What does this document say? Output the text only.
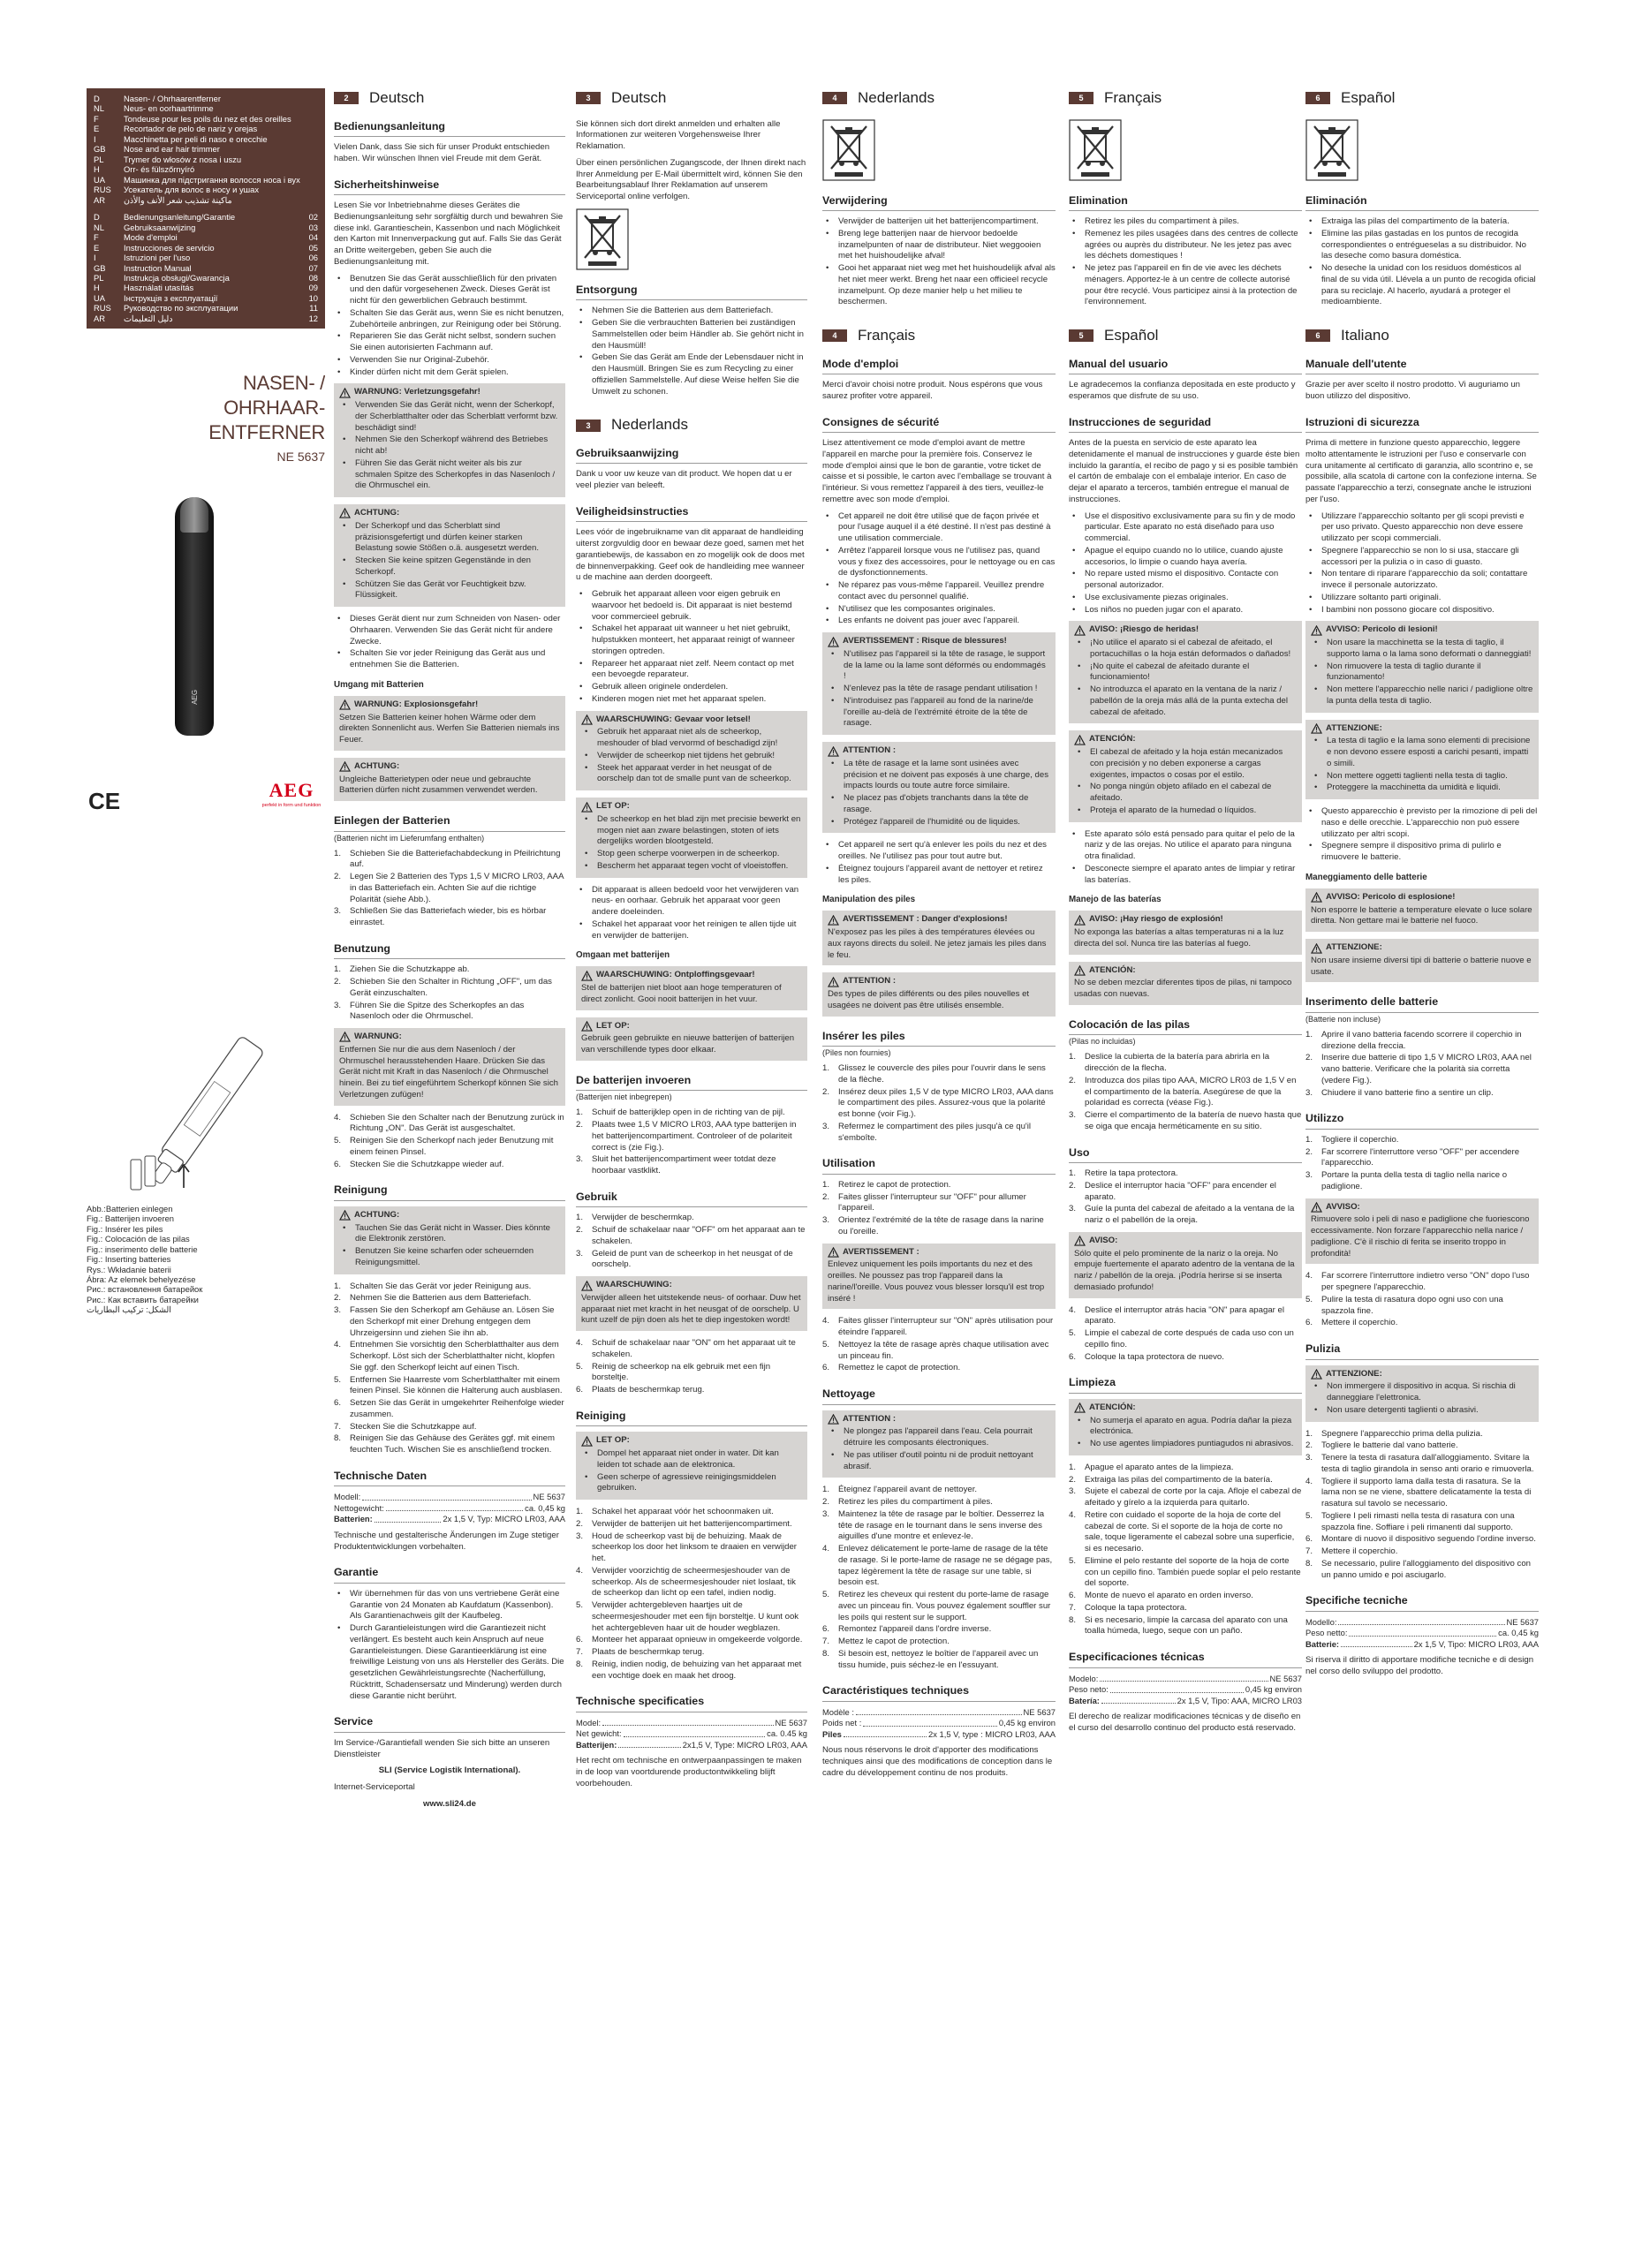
D	Nasen- / Ohrhaarentferner
NL	Neus- en oorhaartrimme
F	Tondeuse pour les poils du nez et des oreilles
E	Recortador de pelo de nariz y orejas
I	Macchinetta per peli di naso e orecchie
GB	Nose and ear hair trimmer
PL	Trymer do włosów z nosa i uszu
H	Orr- és fülszőrnyíró
UA	Машинка для підстригання волосся носа і вух
RUS	Усекатель для волос в носу и ушах
AR	ماكينة تشذيب شعر الأنف والأذن
D	Bedienungsanleitung/Garantie	02
NL	Gebruiksaanwijzing	03
F	Mode d'emploi	04
E	Instrucciones de servicio	05
I	Istruzioni per l'uso	06
GB	Instruction Manual	07
PL	Instrukcja obsługi/Gwarancja	08
H	Használati utasítás	09
UA	Інструкція з експлуатації	10
RUS	Руководство по эксплуатации	11
AR	دليل التعليمات	12
NASEN- /
OHRHAAR-
ENTFERNER
NE 5637
AEG
Abb.:Batterien einlegen
Fig.: Batterijen invoeren
Fig.: Insérer les piles
Fig.: Colocación de las pilas
Fig.: inserimento delle batterie
Fig.: Inserting batteries
Rys.: Wkładanie baterii
Ábra: Az elemek behelyezése
Рис.: встановлення батарейок
Рис.: Как вставить батарейки
الشكل: تركيب البطاريات
CE	AEG
perfekt in form und funktion
2	Deutsch
Bedienungsanleitung

Vielen Dank, dass Sie sich für unser Produkt entschieden haben. Wir wünschen Ihnen viel Freude mit dem Gerät.

Sicherheitshinweise

Lesen Sie vor Inbetriebnahme dieses Gerätes die Bedienungsanleitung sehr sorgfältig durch und bewahren Sie diese inkl. Garantieschein, Kassenbon und nach Möglichkeit den Karton mit Innenverpackung gut auf. Falls Sie das Gerät an Dritte weitergeben, geben Sie auch die Bedienungsanleitung mit.

• Benutzen Sie das Gerät ausschließlich für den privaten und den dafür vorgesehenen Zweck. Dieses Gerät ist nicht für den gewerblichen Gebrauch bestimmt.
• Schalten Sie das Gerät aus, wenn Sie es nicht benutzen, Zubehörteile anbringen, zur Reinigung oder bei Störung.
• Reparieren Sie das Gerät nicht selbst, sondern suchen Sie einen autorisierten Fachmann auf.
• Verwenden Sie nur Original-Zubehör.
• Kinder dürfen nicht mit dem Gerät spielen.
WARNUNG: Verletzungsgefahr!
• Verwenden Sie das Gerät nicht, wenn der Scherkopf, der Scherblatthalter oder das Scherblatt verformt bzw. beschädigt sind!
• Nehmen Sie den Scherkopf während des Betriebes nicht ab!
• Führen Sie das Gerät nicht weiter als bis zur schmalen Spitze des Scherkopfes in das Nasenloch / die Ohrmuschel ein.
ACHTUNG:
• Der Scherkopf und das Scherblatt sind präzisionsgefertigt und dürfen keiner starken Belastung sowie Stößen o.ä. ausgesetzt werden.
• Stecken Sie keine spitzen Gegenstände in den Scherkopf.
• Schützen Sie das Gerät vor Feuchtigkeit bzw. Flüssigkeit.
• Dieses Gerät dient nur zum Schneiden von Nasen- oder Ohrhaaren. Verwenden Sie das Gerät nicht für andere Zwecke.
• Schalten Sie vor jeder Reinigung das Gerät aus und entnehmen Sie die Batterien.
Umgang mit Batterien
WARNUNG: Explosionsgefahr!

Setzen Sie Batterien keiner hohen Wärme oder dem direkten Sonnenlicht aus. Werfen Sie Batterien niemals ins Feuer.

ACHTUNG:

Ungleiche Batterietypen oder neue und gebrauchte Batterien dürfen nicht zusammen verwendet werden.

Einlegen der Batterien
(Batterien nicht im Lieferumfang enthalten)
Schieben Sie die Batteriefachabdeckung in Pfeilrichtung auf.
Legen Sie 2 Batterien des Typs 1,5 V MICRO LR03, AAA in das Batteriefach ein. Achten Sie auf die richtige Polarität (siehe Abb.).
Schließen Sie das Batteriefach wieder, bis es hörbar einrastet.
Benutzung
Ziehen Sie die Schutzkappe ab.
Schieben Sie den Schalter in Richtung „OFF", um das Gerät einzuschalten.
Führen Sie die Spitze des Scherkopfes an das Nasenloch oder die Ohrmuschel.
WARNUNG:

Entfernen Sie nur die aus dem Nasenloch / der Ohrmuschel herausstehenden Haare. Drücken Sie das Gerät nicht mit Kraft in das Nasenloch / die Ohrmuschel hinein. Bei zu tief eingeführtem Scherkopf können Sie sich Verletzungen zufügen!

Schieben Sie den Schalter nach der Benutzung zurück in Richtung „ON". Das Gerät ist ausgeschaltet.
Reinigen Sie den Scherkopf nach jeder Benutzung mit einem feinen Pinsel.
Stecken Sie die Schutzkappe wieder auf.
Reinigung
ACHTUNG:
• Tauchen Sie das Gerät nicht in Wasser. Dies könnte die Elektronik zerstören.
• Benutzen Sie keine scharfen oder scheuernden Reinigungsmittel.
Schalten Sie das Gerät vor jeder Reinigung aus.
Nehmen Sie die Batterien aus dem Batteriefach.
Fassen Sie den Scherkopf am Gehäuse an. Lösen Sie den Scherkopf mit einer Drehung entgegen dem Uhrzeigersinn und ziehen Sie ihn ab.
Entnehmen Sie vorsichtig den Scherblatthalter aus dem Scherkopf. Löst sich der Scherblatthalter nicht, klopfen Sie ggf. den Scherkopf leicht auf einen Tisch.
Entfernen Sie Haarreste vom Scherblatthalter mit einem feinen Pinsel. Sie können die Halterung auch ausblasen.
Setzen Sie das Gerät in umgekehrter Reihenfolge wieder zusammen.
Stecken Sie die Schutzkappe auf.
Reinigen Sie das Gehäuse des Gerätes ggf. mit einem feuchten Tuch. Wischen Sie es anschließend trocken.
Technische Daten
Modell:	NE 5637
Nettogewicht:	ca. 0,45 kg
Batterien:	2x 1,5 V, Typ: MICRO LR03, AAA

Technische und gestalterische Änderungen im Zuge stetiger Produktentwicklungen vorbehalten.

Garantie
• Wir übernehmen für das von uns vertriebene Gerät eine Garantie von 24 Monaten ab Kaufdatum (Kassenbon). Als Garantienachweis gilt der Kaufbeleg.
• Durch Garantieleistungen wird die Garantiezeit nicht verlängert. Es besteht auch kein Anspruch auf neue Garantieleistungen. Diese Garantieerklärung ist eine freiwillige Leistung von uns als Hersteller des Geräts. Die gesetzlichen Gewährleistungsrechte (Nacherfüllung, Rücktritt, Schadensersatz und Minderung) werden durch diese Garantie nicht berührt.
Service

Im Service-/Garantiefall wenden Sie sich bitte an unseren Dienstleister

SLI (Service Logistik International).

Internet-Serviceportal

www.sli24.de
3	Deutsch

Sie können sich dort direkt anmelden und erhalten alle Informationen zur weiteren Vorgehensweise Ihrer Reklamation.

Über einen persönlichen Zugangscode, der Ihnen direkt nach Ihrer Anmeldung per E-Mail übermittelt wird, können Sie den Bearbeitungsablauf Ihrer Reklamation auf unserem Serviceportal online verfolgen.

Entsorgung
• Nehmen Sie die Batterien aus dem Batteriefach.
• Geben Sie die verbrauchten Batterien bei zuständigen Sammelstellen oder beim Händler ab. Sie gehört nicht in den Hausmüll!
• Geben Sie das Gerät am Ende der Lebensdauer nicht in den Hausmüll. Bringen Sie es zum Recycling zu einer offiziellen Sammelstelle. Auf diese Weise helfen Sie die Umwelt zu schonen.
3	Nederlands
Gebruiksaanwijzing

Dank u voor uw keuze van dit product. We hopen dat u er veel plezier van beleeft.

Veiligheidsinstructies

Lees vóór de ingebruikname van dit apparaat de handleiding uiterst zorgvuldig door en bewaar deze goed, samen met het garantiebewijs, de kassabon en zo mogelijk ook de doos met de binnenverpakking. Geef ook de handleiding mee wanneer u de machine aan derden doorgeeft.

• Gebruik het apparaat alleen voor eigen gebruik en waarvoor het bedoeld is. Dit apparaat is niet bestemd voor commercieel gebruik.
• Schakel het apparaat uit wanneer u het niet gebruikt, hulpstukken monteert, het apparaat reinigt of wanneer storingen optreden.
• Repareer het apparaat niet zelf. Neem contact op met een bevoegde reparateur.
• Gebruik alleen originele onderdelen.
• Kinderen mogen niet met het apparaat spelen.
WAARSCHUWING: Gevaar voor letsel!
• Gebruik het apparaat niet als de scheerkop, meshouder of blad vervormd of beschadigd zijn!
• Verwijder de scheerkop niet tijdens het gebruik!
• Steek het apparaat verder in het neusgat of de oorschelp dan tot de smalle punt van de scheerkop.
LET OP:
• De scheerkop en het blad zijn met precisie bewerkt en mogen niet aan zware belastingen, stoten of iets dergelijks worden blootgesteld.
• Stop geen scherpe voorwerpen in de scheerkop.
• Bescherm het apparaat tegen vocht of vloeistoffen.
• Dit apparaat is alleen bedoeld voor het verwijderen van neus- en oorhaar. Gebruik het apparaat voor geen andere doeleinden.
• Schakel het apparaat voor het reinigen te allen tijde uit en verwijder de batterijen.
Omgaan met batterijen
WAARSCHUWING: Ontploffingsgevaar!

Stel de batterijen niet bloot aan hoge temperaturen of direct zonlicht. Gooi nooit batterijen in het vuur.

LET OP:

Gebruik geen gebruikte en nieuwe batterijen of batterijen van verschillende types door elkaar.

De batterijen invoeren
(Batterijen niet inbegrepen)
Schuif de batterijklep open in de richting van de pijl.
Plaats twee 1,5 V MICRO LR03, AAA type batterijen in het batterijencompartiment. Controleer of de polariteit correct is (zie Fig.).
Sluit het batterijencompartiment weer totdat deze hoorbaar vastklikt.
Gebruik
Verwijder de beschermkap.
Schuif de schakelaar naar "OFF" om het apparaat aan te schakelen.
Geleid de punt van de scheerkop in het neusgat of de oorschelp.
WAARSCHUWING:

Verwijder alleen het uitstekende neus- of oorhaar. Duw het apparaat niet met kracht in het neusgat of de oorschelp. U kunt uzelf de pijn doen als het te diep ingestoken wordt!

Schuif de schakelaar naar "ON" om het apparaat uit te schakelen.
Reinig de scheerkop na elk gebruik met een fijn borsteltje.
Plaats de beschermkap terug.
Reiniging
LET OP:
• Dompel het apparaat niet onder in water. Dit kan leiden tot schade aan de elektronica.
• Geen scherpe of agressieve reinigingsmiddelen gebruiken.
Schakel het apparaat vóór het schoonmaken uit.
Verwijder de batterijen uit het batterijencompartiment.
Houd de scheerkop vast bij de behuizing. Maak de scheerkop los door het linksom te draaien en verwijder het.
Verwijder voorzichtig de scheermesjeshouder van de scheerkop. Als de scheermesjeshouder niet loslaat, tik de scheerkop dan licht op een tafel, indien nodig.
Verwijder achtergebleven haartjes uit de scheermesjeshouder met een fijn borsteltje. U kunt ook het achtergebleven haar uit de houder wegblazen.
Monteer het apparaat opnieuw in omgekeerde volgorde.
Plaats de beschermkap terug.
Reinig, indien nodig, de behuizing van het apparaat met een vochtige doek en maak het droog.
Technische specificaties
Model:	NE 5637
Net gewicht:	ca. 0.45 kg
Batterijen:	2x1,5 V, Type: MICRO LR03, AAA

Het recht om technische en ontwerpaanpassingen te maken in de loop van voortdurende productontwikkeling blijft voorbehouden.

4	Nederlands
Verwijdering
• Verwijder de batterijen uit het batterijencompartiment.
• Breng lege batterijen naar de hiervoor bedoelde inzamelpunten of naar de distributeur. Niet weggooien met het huishoudelijke afval!
• Gooi het apparaat niet weg met het huishoudelijk afval als het niet meer werkt. Breng het naar een officieel recycle inzamelpunt. Op deze manier help u het milieu te beschermen.
4	Français
Mode d'emploi

Merci d'avoir choisi notre produit. Nous espérons que vous saurez profiter votre appareil.

Consignes de sécurité

Lisez attentivement ce mode d'emploi avant de mettre l'appareil en marche pour la première fois. Conservez le mode d'emploi ainsi que le bon de garantie, votre ticket de caisse et si possible, le carton avec l'emballage se trouvant à l'intérieur. Si vous remettez l'appareil à des tiers, veuillez-le remettre avec son mode d'emploi.

• Cet appareil ne doit être utilisé que de façon privée et pour l'usage auquel il a été destiné. Il n'est pas destiné à une utilisation commerciale.
• Arrêtez l'appareil lorsque vous ne l'utilisez pas, quand vous y fixez des accessoires, pour le nettoyage ou en cas de dysfonctionnements.
• Ne réparez pas vous-même l'appareil. Veuillez prendre contact avec du personnel qualifié.
• N'utilisez que les composantes originales.
• Les enfants ne doivent pas jouer avec l'appareil.
AVERTISSEMENT : Risque de blessures!
• N'utilisez pas l'appareil si la tête de rasage, le support de la lame ou la lame sont déformés ou endommagés !
• N'enlevez pas la tête de rasage pendant utilisation !
• N'introduisez pas l'appareil au fond de la narine/de l'oreille au-delà de l'extrémité étroite de la tête de rasage.
ATTENTION :
• La tête de rasage et la lame sont usinées avec précision et ne doivent pas exposés à une charge, des impacts lourds ou toute autre force similaire.
• Ne placez pas d'objets tranchants dans la tête de rasage.
• Protégez l'appareil de l'humidité ou de liquides.
• Cet appareil ne sert qu'à enlever les poils du nez et des oreilles. Ne l'utilisez pas pour tout autre but.
• Éteignez toujours l'appareil avant de nettoyer et retirez les piles.
Manipulation des piles
AVERTISSEMENT : Danger d'explosions!

N'exposez pas les piles à des températures élevées ou aux rayons directs du soleil. Ne jetez jamais les piles dans le feu.

ATTENTION :

Des types de piles différents ou des piles nouvelles et usagées ne doivent pas être utilisés ensemble.

Insérer les piles
(Piles non fournies)
Glissez le couvercle des piles pour l'ouvrir dans le sens de la flèche.
Insérez deux piles 1,5 V de type MICRO LR03, AAA dans le compartiment des piles. Assurez-vous que la polarité est bonne (voir Fig.).
Refermez le compartiment des piles jusqu'à ce qu'il s'emboîte.
Utilisation
Retirez le capot de protection.
Faites glisser l'interrupteur sur "OFF" pour allumer l'appareil.
Orientez l'extrémité de la tête de rasage dans la narine ou l'oreille.
AVERTISSEMENT :

Enlevez uniquement les poils importants du nez et des oreilles. Ne poussez pas trop l'appareil dans la narine/l'oreille. Vous pouvez vous blesser lorsqu'il est trop inséré !

Faites glisser l'interrupteur sur "ON" après utilisation pour éteindre l'appareil.
Nettoyez la tête de rasage après chaque utilisation avec un pinceau fin.
Remettez le capot de protection.
Nettoyage
ATTENTION :
• Ne plongez pas l'appareil dans l'eau. Cela pourrait détruire les composants électroniques.
• Ne pas utiliser d'outil pointu ni de produit nettoyant abrasif.
Éteignez l'appareil avant de nettoyer.
Retirez les piles du compartiment à piles.
Maintenez la tête de rasage par le boîtier. Desserrez la tête de rasage en le tournant dans le sens inverse des aiguilles d'une montre et enlevez-le.
Enlevez délicatement le porte-lame de rasage de la tête de rasage. Si le porte-lame de rasage ne se dégage pas, tapez légèrement la tête de rasage sur une table, si besoin est.
Retirez les cheveux qui restent du porte-lame de rasage avec un pinceau fin. Vous pouvez également souffler sur les poils qui restent sur le support.
Remontez l'appareil dans l'ordre inverse.
Mettez le capot de protection.
Si besoin est, nettoyez le boîtier de l'appareil avec un tissu humide, puis séchez-le en l'essuyant.
Caractéristiques techniques
Modèle :	NE 5637
Poids net :	0,45 kg environ
Piles	2x 1,5 V, type : MICRO LR03, AAA

Nous nous réservons le droit d'apporter des modifications techniques ainsi que des modifications de conception dans le cadre du développement continu de nos produits.

5	Français
Elimination
• Retirez les piles du compartiment à piles.
• Remenez les piles usagées dans des centres de collecte agrées ou auprès du distributeur. Ne les jetez pas avec les déchets domestiques !
• Ne jetez pas l'appareil en fin de vie avec les déchets ménagers. Apportez-le à un centre de collecte autorisé pour être recyclé. Vous participez ainsi à la protection de l'environnement.
5	Español
Manual del usuario

Le agradecemos la confianza depositada en este producto y esperamos que disfrute de su uso.

Instrucciones de seguridad

Antes de la puesta en servicio de este aparato lea detenidamente el manual de instrucciones y guarde éste bien incluido la garantía, el recibo de pago y si es posible también el cartón de embalaje con el embalaje interior. En caso de dejar el aparato a terceros, también entregue el manual de instrucciones.

• Use el dispositivo exclusivamente para su fin y de modo particular. Este aparato no está diseñado para uso commercial.
• Apague el equipo cuando no lo utilice, cuando ajuste accesorios, lo limpie o cuando haya avería.
• No repare usted mismo el dispositivo. Contacte con personal autorizador.
• Use exclusivamente piezas originales.
• Los niños no pueden jugar con el aparato.
AVISO: ¡Riesgo de heridas!
• ¡No utilice el aparato si el cabezal de afeitado, el portacuchillas o la hoja están deformados o dañados!
• ¡No quite el cabezal de afeitado durante el funcionamiento!
• No introduzca el aparato en la ventana de la nariz / pabellón de la oreja más allá de la punta extecha del cabezal de afeitado.
ATENCIÓN:
• El cabezal de afeitado y la hoja están mecanizados con precisión y no deben exponerse a cargas exigentes, impactos o cosas por el estilo.
• No ponga ningún objeto afilado en el cabezal de afeitado.
• Proteja el aparato de la humedad o líquidos.
• Este aparato sólo está pensado para quitar el pelo de la nariz y de las orejas. No utilice el aparato para ninguna otra finalidad.
• Desconecte siempre el aparato antes de limpiar y retirar las baterías.
Manejo de las baterías
AVISO: ¡Hay riesgo de explosión!

No exponga las baterías a altas temperaturas ni a la luz directa del sol. Nunca tire las baterías al fuego.

ATENCIÓN:

No se deben mezclar diferentes tipos de pilas, ni tampoco usadas con nuevas.

Colocación de las pilas
(Pilas no incluidas)
Deslice la cubierta de la batería para abrirla en la dirección de la flecha.
Introduzca dos pilas tipo AAA, MICRO LR03 de 1,5 V en el compartimento de la batería. Asegúrese de que la polaridad es correcta (véase Fig.).
Cierre el compartimento de la batería de nuevo hasta que se oiga que encaja herméticamente en su sitio.
Uso
Retire la tapa protectora.
Deslice el interruptor hacia "OFF" para encender el aparato.
Guíe la punta del cabezal de afeitado a la ventana de la nariz o el pabellón de la oreja.
AVISO:

Sólo quite el pelo prominente de la nariz o la oreja. No empuje fuertemente el aparato adentro de la ventana de la nariz / pabellón de la oreja. ¡Podría herirse si se inserta demasiado profundo!

Deslice el interruptor atrás hacia "ON" para apagar el aparato.
Limpie el cabezal de corte después de cada uso con un cepillo fino.
Coloque la tapa protectora de nuevo.
Limpieza
ATENCIÓN:
• No sumerja el aparato en agua. Podría dañar la pieza electrónica.
• No use agentes limpiadores puntiagudos ni abrasivos.
Apague el aparato antes de la limpieza.
Extraiga las pilas del compartimento de la batería.
Sujete el cabezal de corte por la caja. Afloje el cabezal de afeitado y gírelo a la izquierda para quitarlo.
Retire con cuidado el soporte de la hoja de corte del cabezal de corte. Si el soporte de la hoja de corte no sale, toque ligeramente el cabezal sobre una superficie, si es necesario.
Elimine el pelo restante del soporte de la hoja de corte con un cepillo fino. También puede soplar el pelo restante del soporte.
Monte de nuevo el aparato en orden inverso.
Coloque la tapa protectora.
Si es necesario, limpie la carcasa del aparato con una toalla húmeda, luego, seque con un paño.
Especificaciones técnicas
Modelo:	NE 5637
Peso neto:	0,45 kg environ
Batería:	2x 1,5 V, Tipo: AAA, MICRO LR03

El derecho de realizar modificaciones técnicas y de diseño en el curso del desarrollo continuo del producto está reservado.

6	Español
Eliminación
• Extraiga las pilas del compartimento de la batería.
• Elimine las pilas gastadas en los puntos de recogida correspondientes o entrégueselas a su distribuidor. No las deseche como basura doméstica.
• No deseche la unidad con los residuos domésticos al final de su vida útil. Llévela a un punto de recogida oficial para su reciclaje. Al hacerlo, ayudará a proteger el medioambiente.
6	Italiano
Manuale dell'utente

Grazie per aver scelto il nostro prodotto. Vi auguriamo un buon utilizzo del dispositivo.

Istruzioni di sicurezza

Prima di mettere in funzione questo apparecchio, leggere molto attentamente le istruzioni per l'uso e conservarle con cura unitamente al certificato di garanzia, allo scontrino e, se possibile, alla scatola di cartone con la confezione interna. Se passate l'apparecchio a terzi, consegnate anche le istruzioni per l'uso.

• Utilizzare l'apparecchio soltanto per gli scopi previsti e per uso privato. Questo apparecchio non deve essere utilizzato per scopi commerciali.
• Spegnere l'apparecchio se non lo si usa, staccare gli accessori per la pulizia o in caso di guasto.
• Non tentare di riparare l'apparecchio da soli; contattare invece il personale autorizzato.
• Utilizzare soltanto parti originali.
• I bambini non possono giocare col dispositivo.
AVVISO: Pericolo di lesioni!
• Non usare la macchinetta se la testa di taglio, il supporto lama o la lama sono deformati o danneggiati!
• Non rimuovere la testa di taglio durante il funzionamento!
• Non mettere l'apparecchio nelle narici / padiglione oltre la punta della testa di taglio.
ATTENZIONE:
• La testa di taglio e la lama sono elementi di precisione e non devono essere esposti a carichi pesanti, impatti o simili.
• Non mettere oggetti taglienti nella testa di taglio.
• Proteggere la macchinetta da umidità e liquidi.
• Questo apparecchio è previsto per la rimozione di peli del naso e delle orecchie. L'apparecchio non può essere utilizzato per altri scopi.
• Spegnere sempre il dispositivo prima di pulirlo e rimuovere le batterie.
Maneggiamento delle batterie
AVVISO: Pericolo di esplosione!

Non esporre le batterie a temperature elevate o luce solare diretta. Non gettare mai le batterie nel fuoco.

ATTENZIONE:

Non usare insieme diversi tipi di batterie o batterie nuove e usate.

Inserimento delle batterie
(Batterie non incluse)
Aprire il vano batteria facendo scorrere il coperchio in direzione della freccia.
Inserire due batterie di tipo 1,5 V MICRO LR03, AAA nel vano batterie. Verificare che la polarità sia corretta (vedere Fig.).
Chiudere il vano batterie fino a sentire un clip.
Utilizzo
Togliere il coperchio.
Far scorrere l'interruttore verso "OFF" per accendere l'apparecchio.
Portare la punta della testa di taglio nella narice o padiglione.
AVVISO:

Rimuovere solo i peli di naso e padiglione che fuoriescono eccessivamente. Non forzare l'apparecchio nella narice / padiglione. C'è il rischio di ferita se inserito troppo in profondità!

Far scorrere l'interruttore indietro verso "ON" dopo l'uso per spegnere l'apparecchio.
Pulire la testa di rasatura dopo ogni uso con una spazzola fine.
Mettere il coperchio.
Pulizia
ATTENZIONE:
• Non immergere il dispositivo in acqua. Si rischia di danneggiare l'elettronica.
• Non usare detergenti taglienti o abrasivi.
Spegnere l'apparecchio prima della pulizia.
Togliere le batterie dal vano batterie.
Tenere la testa di rasatura dall'alloggiamento. Svitare la testa di taglio girandola in senso anti orario e rimuoverla.
Togliere il supporto lama dalla testa di rasatura. Se la lama non se ne viene, sbattere delicatamente la testa di rasatura sul tavolo se necessario.
Togliere I peli rimasti nella testa di rasatura con una spazzola fine. Soffiare i peli rimanenti dal supporto.
Montare di nuovo il dispositivo seguendo l'ordine inverso.
Mettere il coperchio.
Se necessario, pulire l'alloggiamento del dispositivo con un panno umido e poi asciugarlo.
Specifiche tecniche
Modello:	NE 5637
Peso netto:	ca. 0,45 kg
Batterie:	2x 1,5 V, Tipo: MICRO LR03, AAA

Si riserva il diritto di apportare modifiche tecniche e di design nel corso dello sviluppo del prodotto.
